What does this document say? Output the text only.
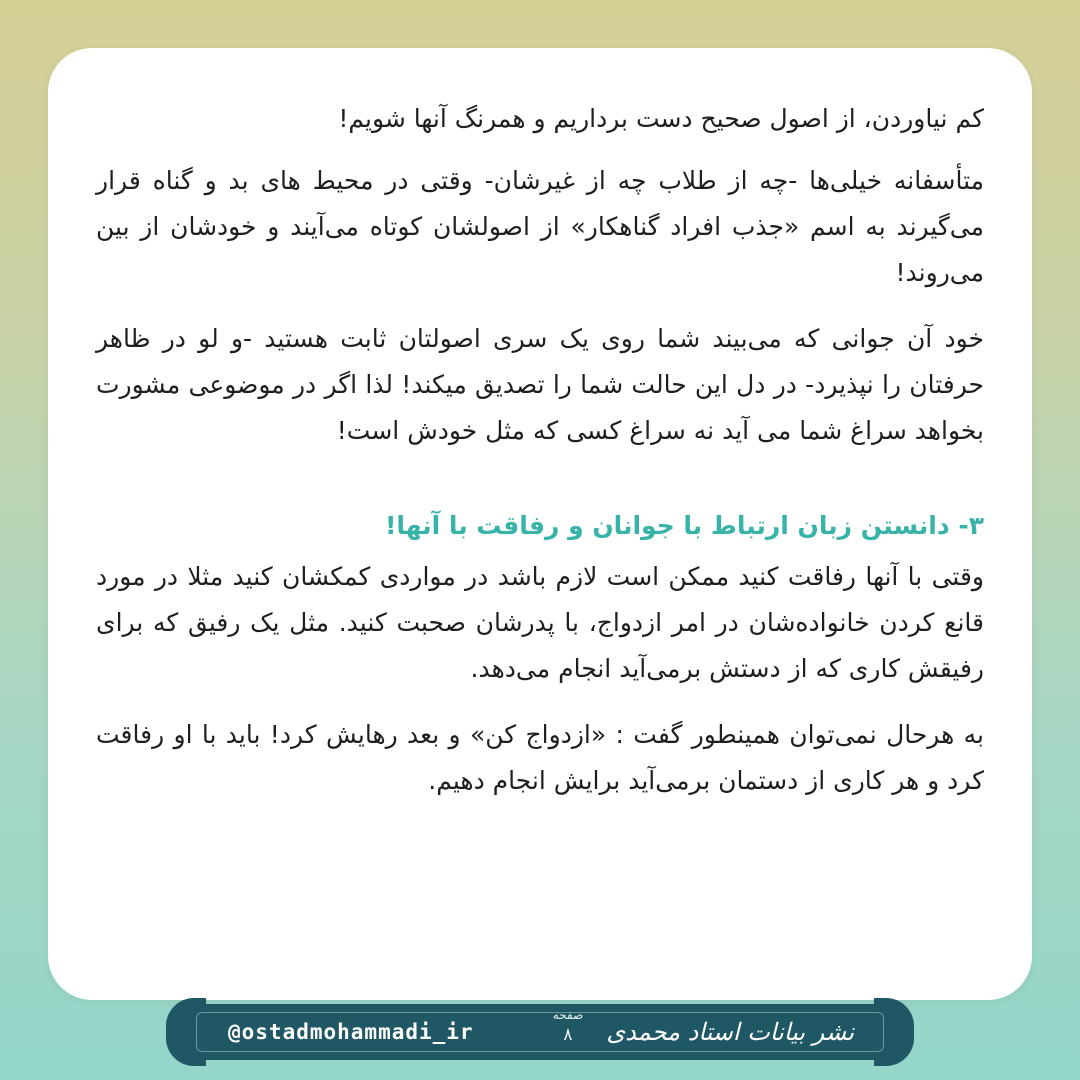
کم نیاوردن، از اصول صحیح دست برداریم و همرنگ آنها شویم!

متأسفانه خیلی‌ها -چه از طلاب چه از غیرشان- وقتی در محیط های بد و گناه قرار می‌گیرند به اسم «جذب افراد گناهکار» از اصولشان کوتاه می‌آیند و خودشان از بین می‌روند!

خود آن جوانی که می‌بیند شما روی یک سری اصولتان ثابت هستید -و لو در ظاهر حرفتان را نپذیرد- در دل این حالت شما را تصدیق میکند! لذا اگر در موضوعی مشورت بخواهد سراغ شما می آید نه سراغ کسی که مثل خودش است!

۳- دانستن زبان ارتباط با جوانان و رفاقت با آنها!

وقتی با آنها رفاقت کنید ممکن است لازم باشد در مواردی کمکشان کنید مثلا در مورد قانع کردن خانواده‌شان در امر ازدواج، با پدرشان صحبت کنید. مثل یک رفیق که برای رفیقش کاری که از دستش برمی‌آید انجام می‌دهد.

به هرحال نمی‌توان همینطور گفت : «ازدواج کن» و بعد رهایش کرد! باید با او رفاقت کرد و هر کاری از دستمان برمی‌آید برایش انجام دهیم.

@ostadmohammadi_ir
صفحه
۸	نشر بیانات استاد محمدی
